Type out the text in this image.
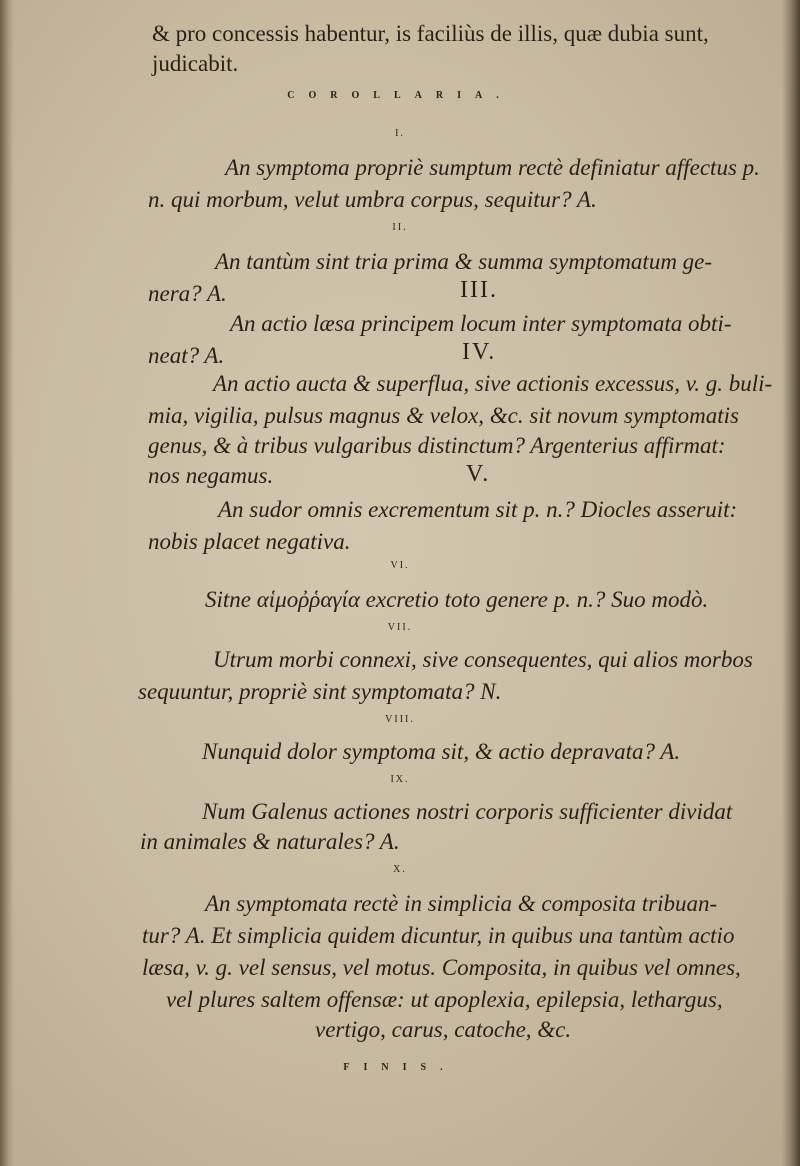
& pro concessis habentur, is faciliùs de illis, quæ dubia sunt,
judicabit.
COROLLARIA.
I.
An symptoma propriè sumptum rectè definiatur affectus p.
n. qui morbum, velut umbra corpus, sequitur? A.
II.
An tantùm sint tria prima & summa symptomatum ge-
nera? A.	III.
An actio læsa principem locum inter symptomata obti-
neat? A.	IV.
An actio aucta & superflua, sive actionis excessus, v. g. buli-
mia, vigilia, pulsus magnus & velox, &c. sit novum symptomatis
genus, & à tribus vulgaribus distinctum? Argenterius affirmat:
nos negamus.	V.
An sudor omnis excrementum sit p. n.? Diocles asseruit:
nobis placet negativa.
VI.
Sitne αἱμοῤῥαγία excretio toto genere p. n.? Suo modò.
VII.
Utrum morbi connexi, sive consequentes, qui alios morbos
sequuntur, propriè sint symptomata? N.
VIII.
Nunquid dolor symptoma sit, & actio depravata? A.
IX.
Num Galenus actiones nostri corporis sufficienter dividat
in animales & naturales? A.
X.
An symptomata rectè in simplicia & composita tribuan-
tur? A. Et simplicia quidem dicuntur, in quibus una tantùm actio
læsa, v. g. vel sensus, vel motus. Composita, in quibus vel omnes,
vel plures saltem offensæ: ut apoplexia, epilepsia, lethargus,
vertigo, carus, catoche, &c.
FINIS.
